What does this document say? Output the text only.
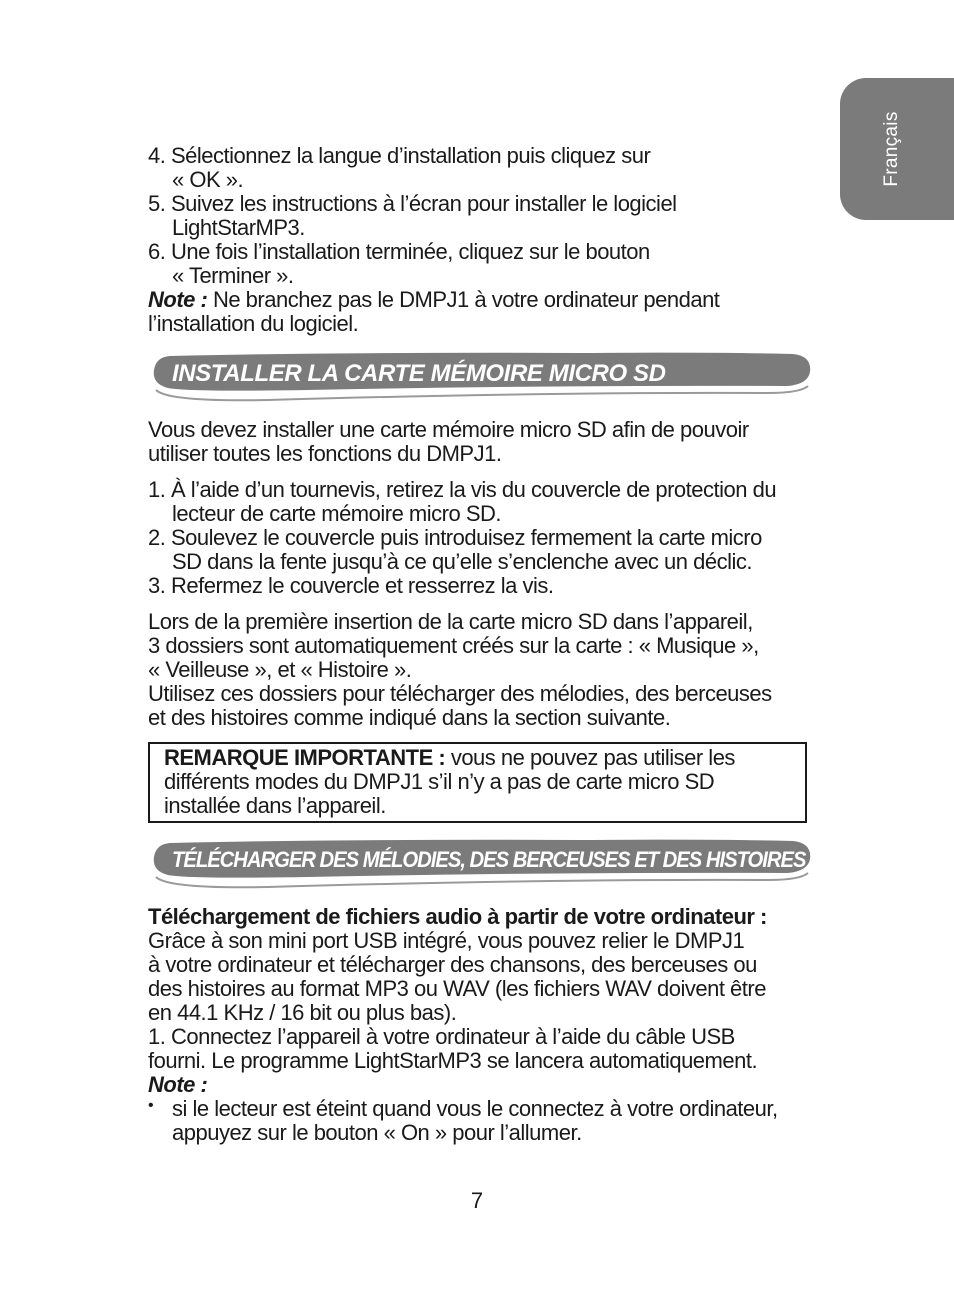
Français

4. Sélectionnez la langue d’installation puis cliquez sur

« OK ».

5. Suivez les instructions à l’écran pour installer le logiciel

LightStarMP3.

6. Une fois l’installation terminée, cliquez sur le bouton

« Terminer ».

Note : Ne branchez pas le DMPJ1 à votre ordinateur pendant

l’installation du logiciel.

INSTALLER LA CARTE MÉMOIRE MICRO SD

Vous devez installer une carte mémoire micro SD afin de pouvoir

utiliser toutes les fonctions du DMPJ1.

1. À l’aide d’un tournevis, retirez la vis du couvercle de protection du

lecteur de carte mémoire micro SD.

2. Soulevez le couvercle puis introduisez fermement la carte micro

SD dans la fente jusqu’à ce qu’elle s’enclenche avec un déclic.

3. Refermez le couvercle et resserrez la vis.

Lors de la première insertion de la carte micro SD dans l’appareil,

3 dossiers sont automatiquement créés sur la carte : « Musique »,

« Veilleuse », et « Histoire ».

Utilisez ces dossiers pour télécharger des mélodies, des berceuses

et des histoires comme indiqué dans la section suivante.

REMARQUE IMPORTANTE : vous ne pouvez pas utiliser les

différents modes du DMPJ1 s’il n’y a pas de carte micro SD

installée dans l’appareil.

TÉLÉCHARGER DES MÉLODIES, DES BERCEUSES ET DES HISTOIRES

Téléchargement de fichiers audio à partir de votre ordinateur :

Grâce à son mini port USB intégré, vous pouvez relier le DMPJ1

à votre ordinateur et télécharger des chansons, des berceuses ou

des histoires au format MP3 ou WAV (les fichiers WAV doivent être

en 44.1 KHz / 16 bit ou plus bas).

1. Connectez l’appareil à votre ordinateur à l’aide du câble USB

fourni. Le programme LightStarMP3 se lancera automatiquement.

Note :

• si le lecteur est éteint quand vous le connectez à votre ordinateur,

appuyez sur le bouton « On » pour l’allumer.

7
